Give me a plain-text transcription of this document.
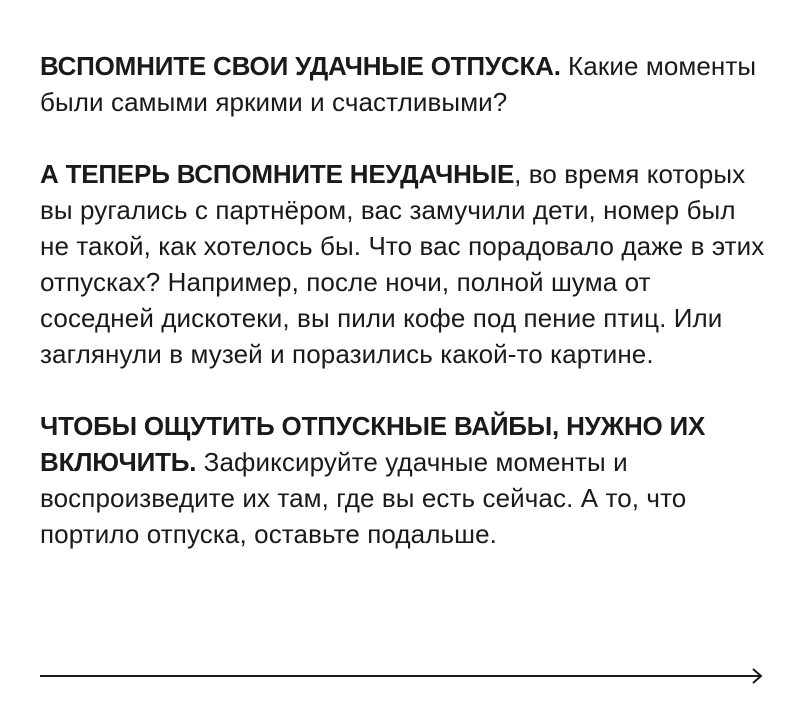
ВСПОМНИТЕ СВОИ УДАЧНЫЕ ОТПУСКА. Какие моменты были самыми яркими и счастливыми?

А ТЕПЕРЬ ВСПОМНИТЕ НЕУДАЧНЫЕ, во время которых вы ругались с партнёром, вас замучили дети, номер был не такой, как хотелось бы. Что вас порадовало даже в этих отпусках? Например, после ночи, полной шума от соседней дискотеки, вы пили кофе под пение птиц. Или заглянули в музей и поразились какой-то картине.

ЧТОБЫ ОЩУТИТЬ ОТПУСКНЫЕ ВАЙБЫ, НУЖНО ИХ ВКЛЮЧИТЬ. Зафиксируйте удачные моменты и воспроизведите их там, где вы есть сейчас. А то, что портило отпуска, оставьте подальше.
